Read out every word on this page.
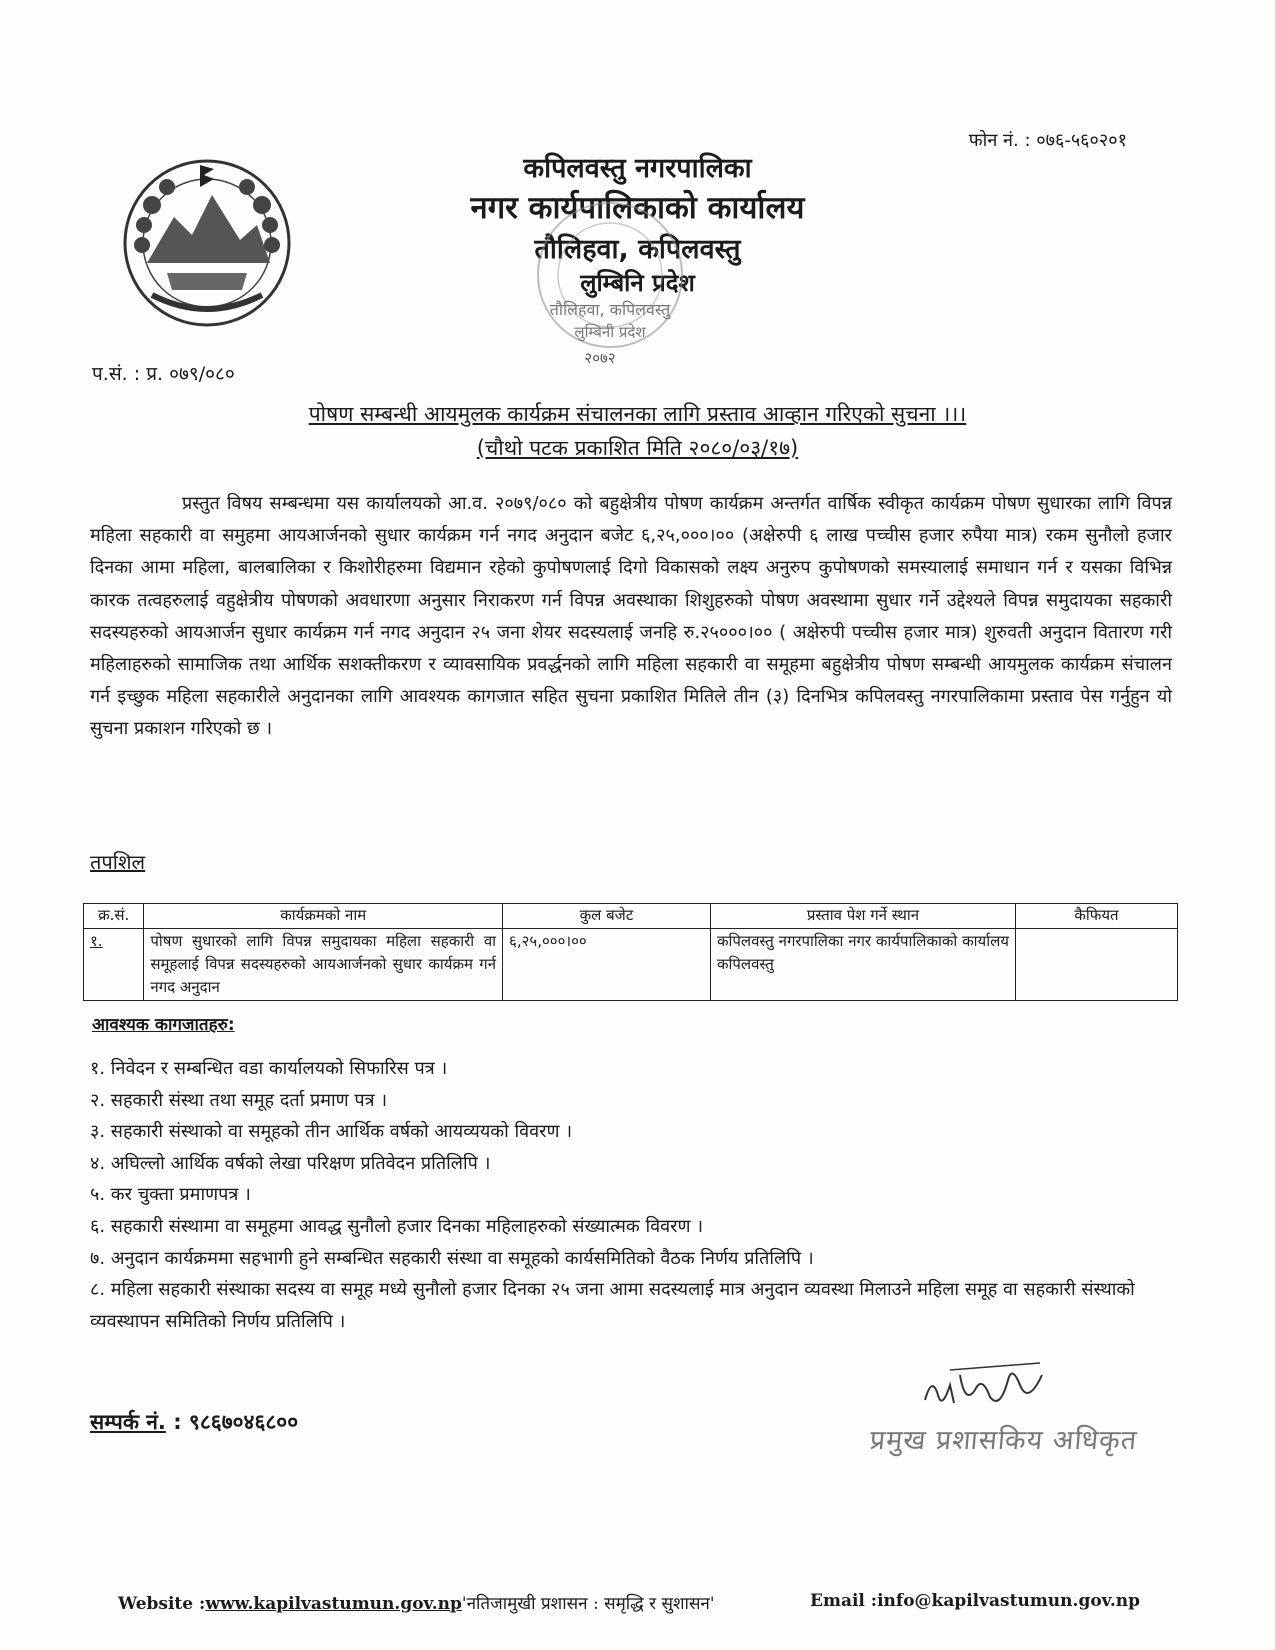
फोन नं. : ०७६-५६०२०१
कपिलवस्तु नगरपालिका
नगर कार्यपालिकाको कार्यालय
तौलिहवा, कपिलवस्तु
लुम्बिनि प्रदेश
तौलिहवा, कपिलवस्तु
लुम्बिनी प्रदेश
२०७२
प.सं. : प्र. ०७९/०८०
पोषण सम्बन्धी आयमुलक कार्यक्रम संचालनका लागि प्रस्ताव आव्हान गरिएको सुचना ।।।
(चौथो पटक प्रकाशित मिति २०८०/०३/१७)

प्रस्तुत विषय सम्बन्धमा यस कार्यालयको आ.व. २०७९/०८० को बहुक्षेत्रीय पोषण कार्यक्रम अन्तर्गत वार्षिक स्वीकृत कार्यक्रम पोषण सुधारका लागि विपन्न महिला सहकारी वा समुहमा आयआर्जनको सुधार कार्यक्रम गर्न नगद अनुदान बजेट ६,२५,०००।०० (अक्षेरुपी ६ लाख पच्चीस हजार रुपैया मात्र) रकम सुनौलो हजार दिनका आमा महिला, बालबालिका र किशोरीहरुमा विद्यमान रहेको कुपोषणलाई दिगो विकासको लक्ष्य अनुरुप कुपोषणको समस्यालाई समाधान गर्न र यसका विभिन्न कारक तत्वहरुलाई वहुक्षेत्रीय पोषणको अवधारणा अनुसार निराकरण गर्न विपन्न अवस्थाका शिशुहरुको पोषण अवस्थामा सुधार गर्ने उद्देश्यले विपन्न समुदायका सहकारी सदस्यहरुको आयआर्जन सुधार कार्यक्रम गर्न नगद अनुदान २५ जना शेयर सदस्यलाई जनहि रु.२५०००।०० ( अक्षेरुपी पच्चीस हजार मात्र) शुरुवती अनुदान वितारण गरी महिलाहरुको सामाजिक तथा आर्थिक सशक्तीकरण र व्यावसायिक प्रवर्द्धनको लागि महिला सहकारी वा समूहमा बहुक्षेत्रीय पोषण सम्बन्धी आयमुलक कार्यक्रम संचालन गर्न इच्छुक महिला सहकारीले अनुदानका लागि आवश्यक कागजात सहित सुचना प्रकाशित मितिले तीन (३) दिनभित्र कपिलवस्तु नगरपालिकामा प्रस्ताव पेस गर्नुहुन यो सुचना प्रकाशन गरिएको छ ।

तपशिल
क्र.सं.	कार्यक्रमको नाम	कुल बजेट	प्रस्ताव पेश गर्ने स्थान	कैफियत
१.	पोषण सुधारको लागि विपन्न समुदायका महिला सहकारी वा समूहलाई विपन्न सदस्यहरुको आयआर्जनको सुधार कार्यक्रम गर्न नगद अनुदान	६,२५,०००।००	कपिलवस्तु नगरपालिका नगर कार्यपालिकाको कार्यालय कपिलवस्तु	
आवश्यक कागजातहरु:
१. निवेदन र सम्बन्धित वडा कार्यालयको सिफारिस पत्र ।
२. सहकारी संस्था तथा समूह दर्ता प्रमाण पत्र ।
३. सहकारी संस्थाको वा समूहको तीन आर्थिक वर्षको आयव्ययको विवरण ।
४. अघिल्लो आर्थिक वर्षको लेखा परिक्षण प्रतिवेदन प्रतिलिपि ।
५. कर चुक्ता प्रमाणपत्र ।
६. सहकारी संस्थामा वा समूहमा आवद्ध सुनौलो हजार दिनका महिलाहरुको संख्यात्मक विवरण ।
७. अनुदान कार्यक्रममा सहभागी हुने सम्बन्धित सहकारी संस्था वा समूहको कार्यसमितिको वैठक निर्णय प्रतिलिपि ।
८. महिला सहकारी संस्थाका सदस्य वा समूह मध्ये सुनौलो हजार दिनका २५ जना आमा सदस्यलाई मात्र अनुदान व्यवस्था मिलाउने महिला समूह वा सहकारी संस्थाको व्यवस्थापन समितिको निर्णय प्रतिलिपि ।
सम्पर्क नं. : ९८६७०४६८००
प्रमुख प्रशासकिय अधिकृत
Website :www.kapilvastumun.gov.np'नतिजामुखी प्रशासन : समृद्धि र सुशासन'	Email :info@kapilvastumun.gov.np
